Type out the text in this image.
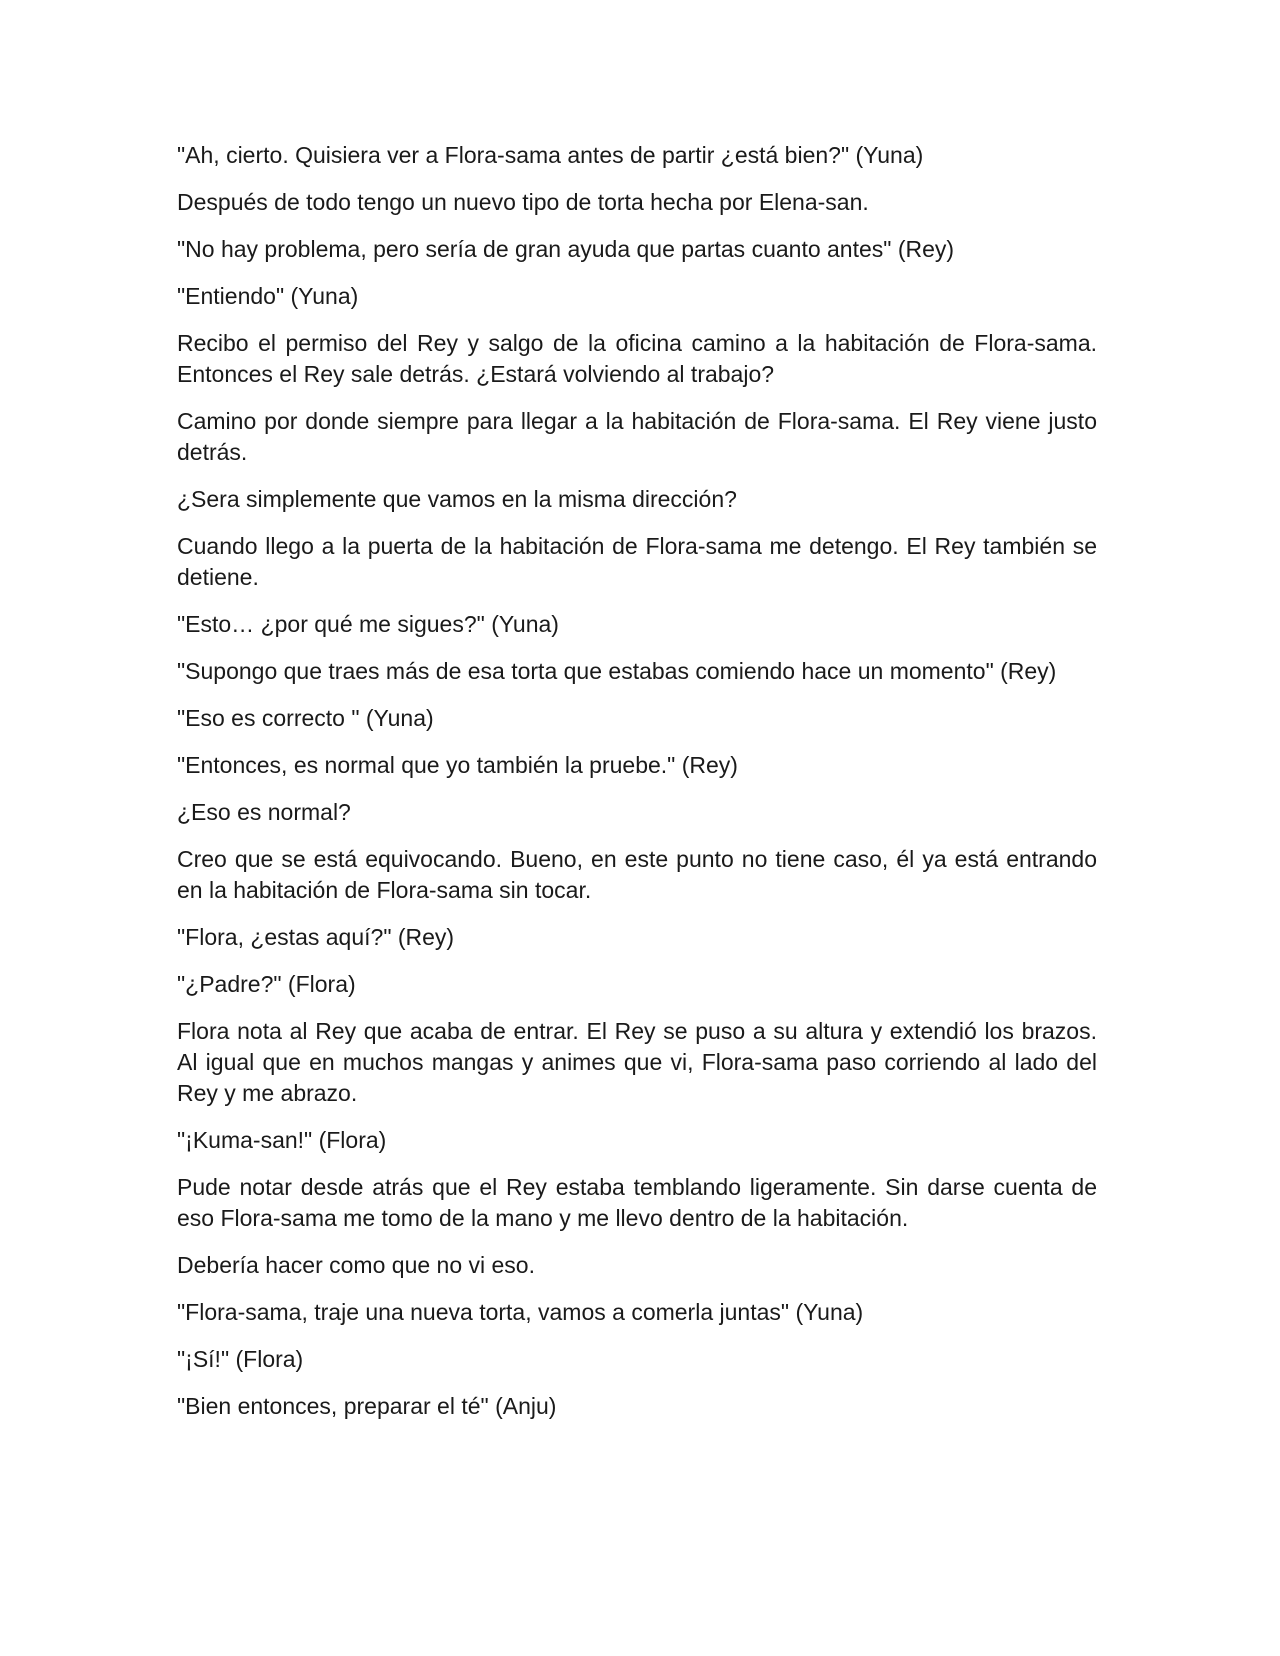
"Ah, cierto. Quisiera ver a Flora-sama antes de partir ¿está bien?" (Yuna)

Después de todo tengo un nuevo tipo de torta hecha por Elena-san.

"No hay problema, pero sería de gran ayuda que partas cuanto antes" (Rey)

"Entiendo" (Yuna)

Recibo el permiso del Rey y salgo de la oficina camino a la habitación de Flora-sama. Entonces el Rey sale detrás. ¿Estará volviendo al trabajo?

Camino por donde siempre para llegar a la habitación de Flora-sama. El Rey viene justo detrás.

¿Sera simplemente que vamos en la misma dirección?

Cuando llego a la puerta de la habitación de Flora-sama me detengo. El Rey también se detiene.

"Esto… ¿por qué me sigues?" (Yuna)

"Supongo que traes más de esa torta que estabas comiendo hace un momento" (Rey)

"Eso es correcto " (Yuna)

"Entonces, es normal que yo también la pruebe." (Rey)

¿Eso es normal?

Creo que se está equivocando. Bueno, en este punto no tiene caso, él ya está entrando en la habitación de Flora-sama sin tocar.

"Flora, ¿estas aquí?" (Rey)

"¿Padre?" (Flora)

Flora nota al Rey que acaba de entrar. El Rey se puso a su altura y extendió los brazos. Al igual que en muchos mangas y animes que vi, Flora-sama paso corriendo al lado del Rey y me abrazo.

"¡Kuma-san!" (Flora)

Pude notar desde atrás que el Rey estaba temblando ligeramente. Sin darse cuenta de eso Flora-sama me tomo de la mano y me llevo dentro de la habitación.

Debería hacer como que no vi eso.

"Flora-sama, traje una nueva torta, vamos a comerla juntas" (Yuna)

"¡Sí!" (Flora)

"Bien entonces, preparar el té" (Anju)
